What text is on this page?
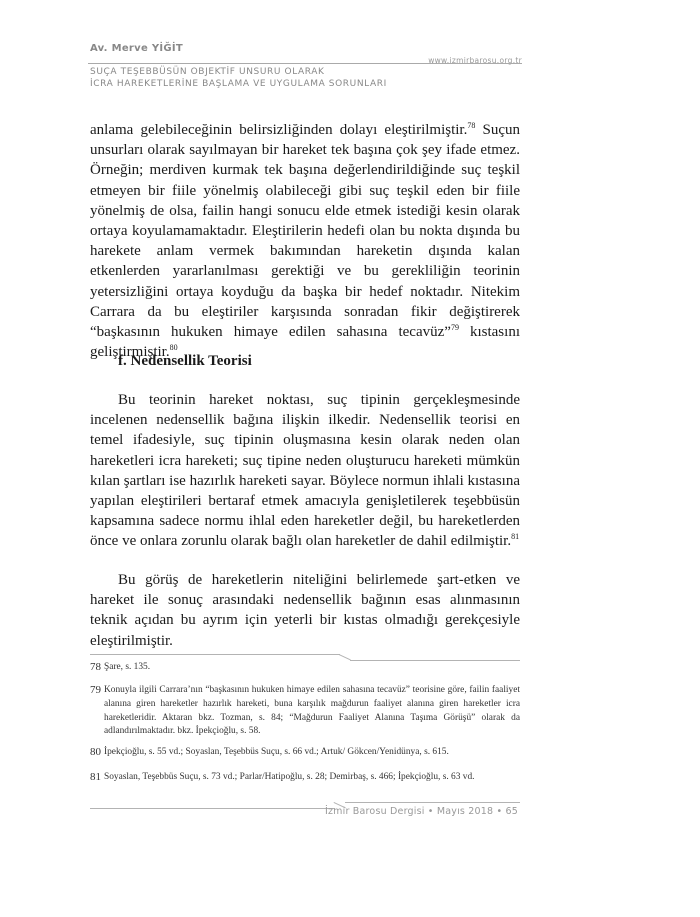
Av. Merve YİĞİT
www.izmirbarosu.org.tr
SUÇA TEŞEBBÜSÜN OBJEKTİF UNSURU OLARAK
İCRA HAREKETLERİNE BAŞLAMA VE UYGULAMA SORUNLARI
anlama gelebileceğinin belirsizliğinden dolayı eleştirilmiştir.$^{78}$ Suçun unsurları olarak sayılmayan bir hareket tek başına çok şey ifade etmez. Örneğin; merdiven kurmak tek başına değerlendirildiğinde suç teşkil etmeyen bir fiile yönelmiş olabileceği gibi suç teşkil eden bir fiile yönelmiş de olsa, failin hangi sonucu elde etmek istediği kesin olarak ortaya koyulamamaktadır. Eleştirilerin hedefi olan bu nokta dışında bu harekete anlam vermek bakımından hareketin dışında kalan etkenlerden yararlanılması gerektiği ve bu gerekliliğin teorinin yetersizliğini ortaya koyduğu da başka bir hedef noktadır. Nitekim Carrara da bu eleştiriler karşısında sonradan fikir değiştirerek “başkasının hukuken himaye edilen sahasına tecavüz”$^{79}$ kıstasını geliştirmiştir.$^{80}$
f. Nedensellik Teorisi
Bu teorinin hareket noktası, suç tipinin gerçekleşmesinde incelenen nedensellik bağına ilişkin ilkedir. Nedensellik teorisi en temel ifadesiyle, suç tipinin oluşmasına kesin olarak neden olan hareketleri icra hareketi; suç tipine neden oluşturucu hareketi mümkün kılan şartları ise hazırlık hareketi sayar. Böylece normun ihlali kıstasına yapılan eleştirileri bertaraf etmek amacıyla genişletilerek teşebbüsün kapsamına sadece normu ihlal eden hareketler değil, bu hareketlerden önce ve onlara zorunlu olarak bağlı olan hareketler de dahil edilmiştir.$^{81}$
Bu görüş de hareketlerin niteliğini belirlemede şart-etken ve hareket ile sonuç arasındaki nedensellik bağının esas alınmasının teknik açıdan bu ayrım için yeterli bir kıstas olmadığı gerekçesiyle eleştirilmiştir.
78 Şare, s. 135.
79 Konuyla ilgili Carrara’nın “başkasının hukuken himaye edilen sahasına tecavüz” teorisine göre, failin faaliyet alanına giren hareketler hazırlık hareketi, buna karşılık mağdurun faaliyet alanına giren hareketler icra hareketleridir. Aktaran bkz. Tozman, s. 84; “Mağdurun Faaliyet Alanına Taşıma Görüşü” olarak da adlandırılmaktadır. bkz. İpekçioğlu, s. 58.
80 İpekçioğlu, s. 55 vd.; Soyaslan, Teşebbüs Suçu, s. 66 vd.; Artuk/ Gökcen/Yenidünya, s. 615.
81 Soyaslan, Teşebbüs Suçu, s. 73 vd.; Parlar/Hatipoğlu, s. 28; Demirbaş, s. 466; İpekçioğlu, s. 63 vd.
İzmir Barosu Dergisi • Mayıs 2018 • 65
